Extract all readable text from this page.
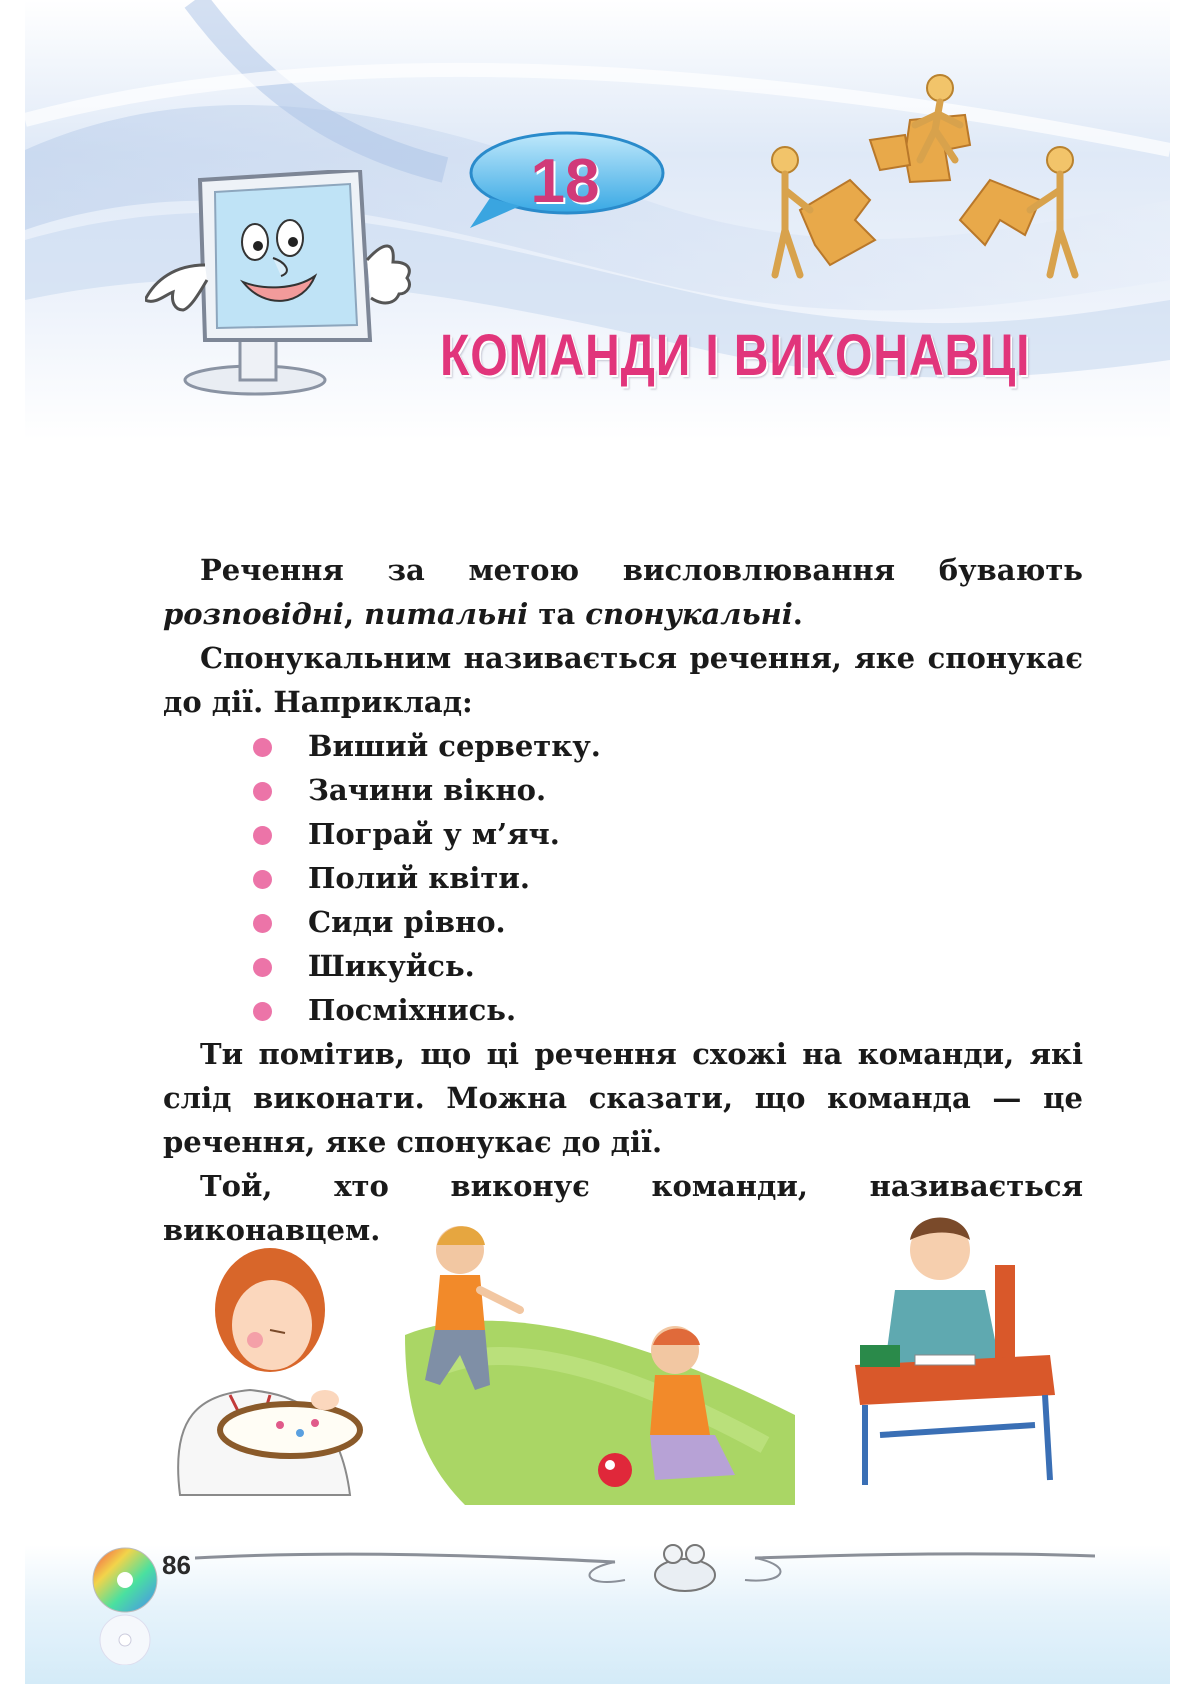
18
КОМАНДИ І ВИКОНАВЦІ

Речення за метою висловлювання бувають розповідні, питальні та спонукальні.

Спонукальним називається речення, яке спонукає до дії. Наприклад:

Виший серветку.
Зачини вікно.
Пограй у м’яч.
Полий квіти.
Сиди рівно.
Шикуйсь.
Посміхнись.

Ти помітив, що ці речення схожі на команди, які слід виконати. Можна сказати, що команда — це речення, яке спонукає до дії.

Той, хто виконує команди, називається виконавцем.

86
